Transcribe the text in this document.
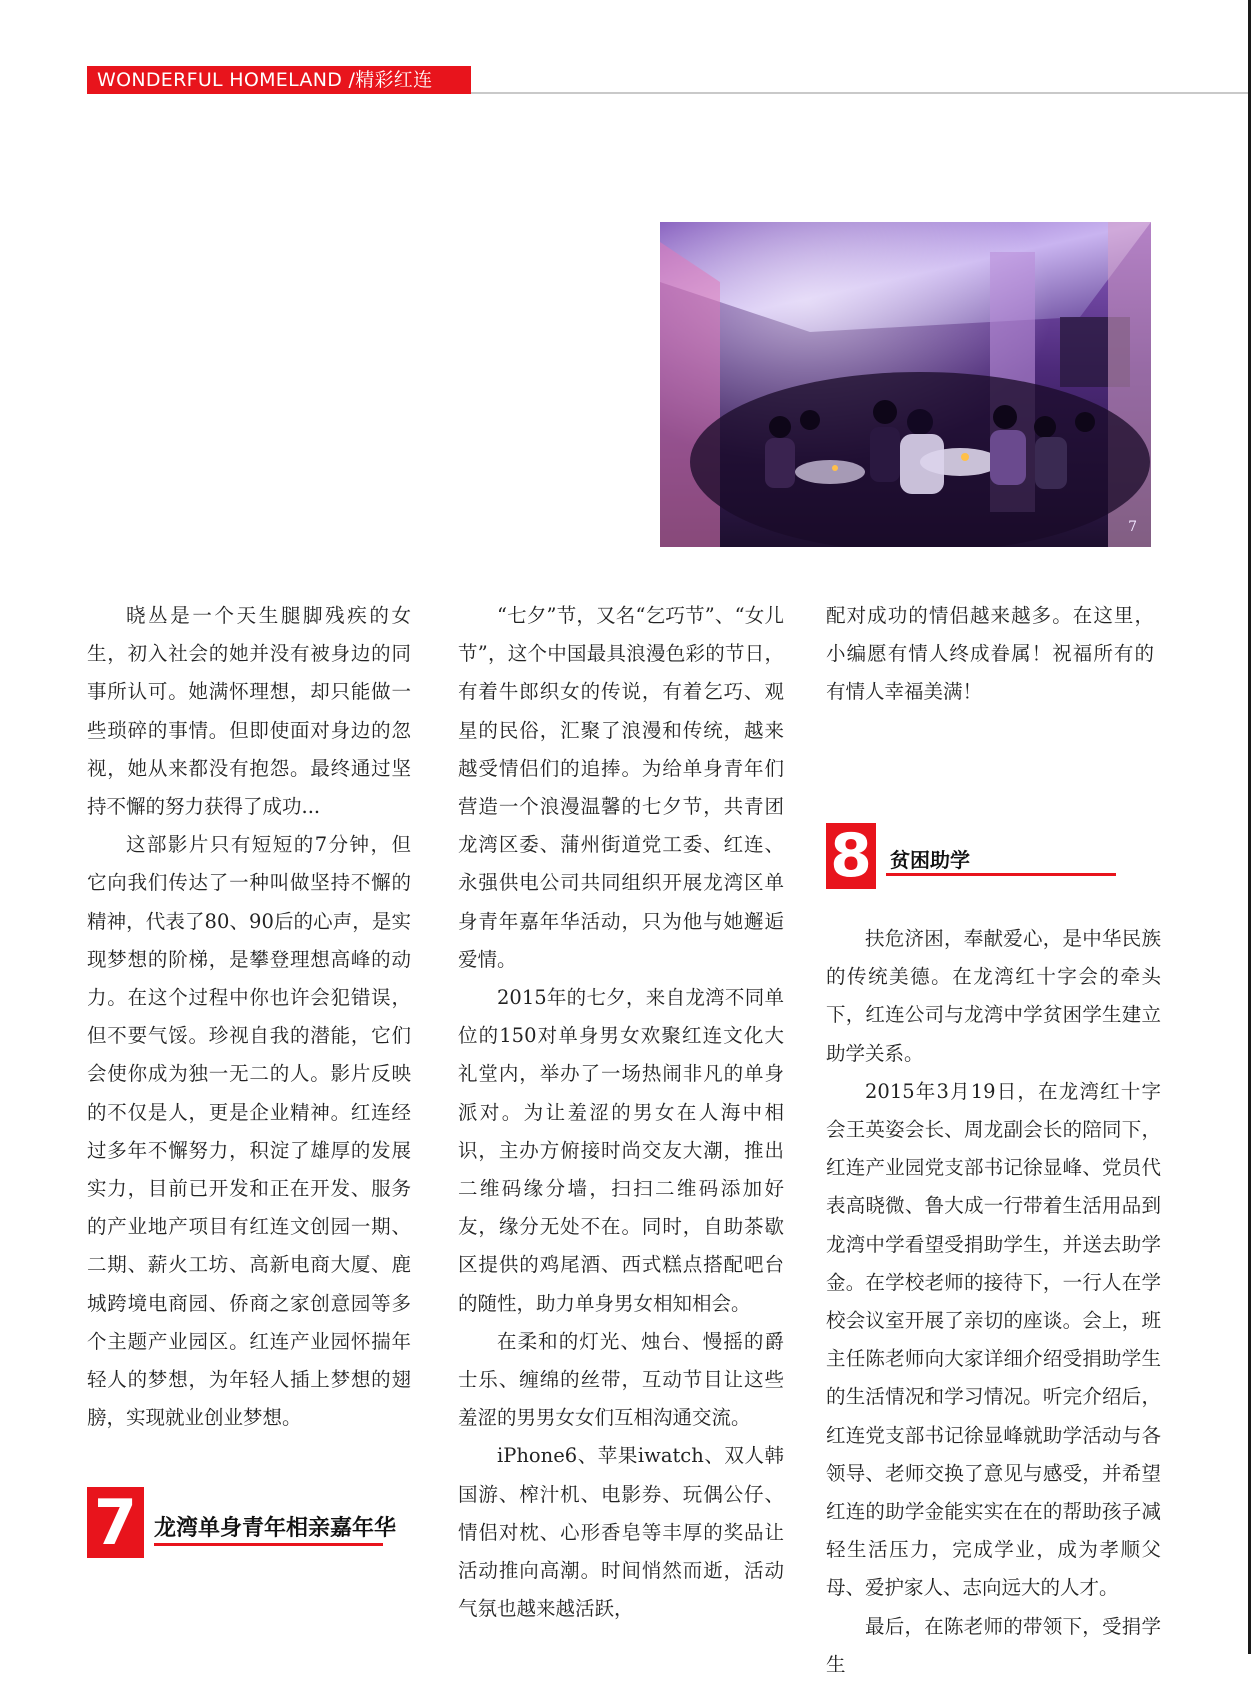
WONDERFUL HOMELAND /精彩红连
7

晓丛是一个天生腿脚残疾的女生，初入社会的她并没有被身边的同事所认可。她满怀理想，却只能做一些琐碎的事情。但即使面对身边的忽视，她从来都没有抱怨。最终通过坚持不懈的努力获得了成功...

这部影片只有短短的7分钟，但它向我们传达了一种叫做坚持不懈的精神，代表了80、90后的心声，是实现梦想的阶梯，是攀登理想高峰的动力。在这个过程中你也许会犯错误，但不要气馁。珍视自我的潜能，它们会使你成为独一无二的人。影片反映的不仅是人，更是企业精神。红连经过多年不懈努力，积淀了雄厚的发展实力，目前已开发和正在开发、服务的产业地产项目有红连文创园一期、二期、薪火工坊、高新电商大厦、鹿城跨境电商园、侨商之家创意园等多个主题产业园区。红连产业园怀揣年轻人的梦想，为年轻人插上梦想的翅膀，实现就业创业梦想。

“七夕”节，又名“乞巧节”、“女儿节”，这个中国最具浪漫色彩的节日，有着牛郎织女的传说，有着乞巧、观星的民俗，汇聚了浪漫和传统，越来越受情侣们的追捧。为给单身青年们营造一个浪漫温馨的七夕节，共青团龙湾区委、蒲州街道党工委、红连、永强供电公司共同组织开展龙湾区单身青年嘉年华活动，只为他与她邂逅爱情。

2015年的七夕，来自龙湾不同单位的150对单身男女欢聚红连文化大礼堂内，举办了一场热闹非凡的单身派对。为让羞涩的男女在人海中相识，主办方俯接时尚交友大潮，推出二维码缘分墙，扫扫二维码添加好友，缘分无处不在。同时，自助茶歇区提供的鸡尾酒、西式糕点搭配吧台的随性，助力单身男女相知相会。

在柔和的灯光、烛台、慢摇的爵士乐、缠绵的丝带，互动节目让这些羞涩的男男女女们互相沟通交流。

iPhone6、苹果iwatch、双人韩国游、榨汁机、电影券、玩偶公仔、情侣对枕、心形香皂等丰厚的奖品让活动推向高潮。时间悄然而逝，活动气氛也越来越活跃，

配对成功的情侣越来越多。在这里，小编愿有情人终成眷属！祝福所有的有情人幸福美满！

8 贫困助学

扶危济困，奉献爱心，是中华民族的传统美德。在龙湾红十字会的牵头下，红连公司与龙湾中学贫困学生建立助学关系。

2015年3月19日，在龙湾红十字会王英姿会长、周龙副会长的陪同下，红连产业园党支部书记徐显峰、党员代表高晓微、鲁大成一行带着生活用品到龙湾中学看望受捐助学生，并送去助学金。在学校老师的接待下，一行人在学校会议室开展了亲切的座谈。会上，班主任陈老师向大家详细介绍受捐助学生的生活情况和学习情况。听完介绍后，红连党支部书记徐显峰就助学活动与各领导、老师交换了意见与感受，并希望红连的助学金能实实在在的帮助孩子减轻生活压力，完成学业，成为孝顺父母、爱护家人、志向远大的人才。

最后，在陈老师的带领下，受捐学生

7 龙湾单身青年相亲嘉年华
